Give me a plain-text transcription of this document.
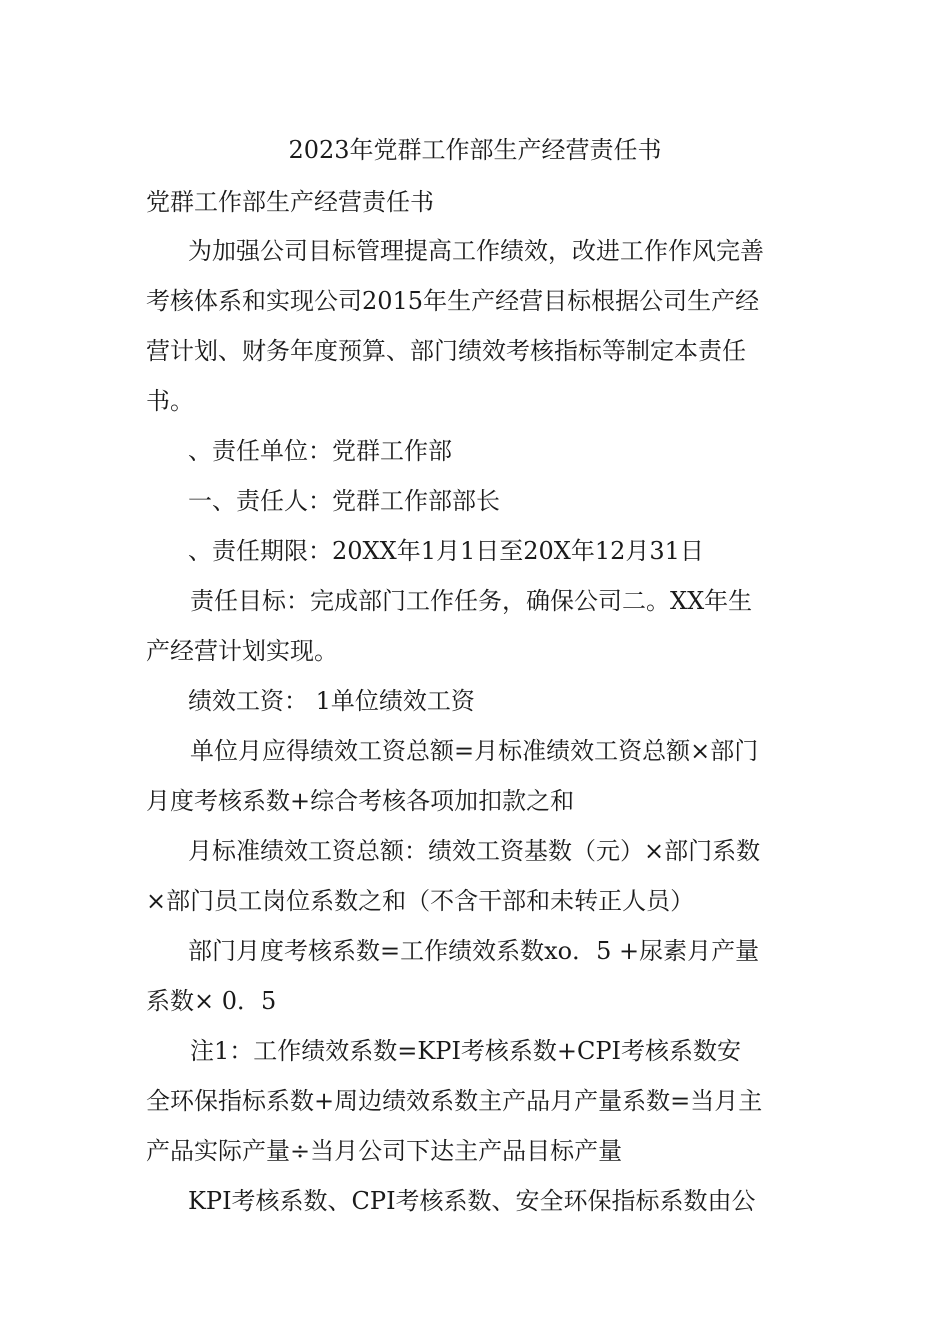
2023年党群工作部生产经营责任书
党群工作部生产经营责任书
为加强公司目标管理提高工作绩效，改进工作作风完善
考核体系和实现公司2015年生产经营目标根据公司生产经
营计划、财务年度预算、部门绩效考核指标等制定本责任
书。
、责任单位：党群工作部
一、责任人：党群工作部部长
、责任期限：20XX年1月1日至20X年12月31日
责任目标：完成部门工作任务，确保公司二。XX年生
产经营计划实现。
绩效工资： 1单位绩效工资
单位月应得绩效工资总额=月标准绩效工资总额×部门
月度考核系数+综合考核各项加扣款之和
月标准绩效工资总额：绩效工资基数（元）×部门系数
×部门员工岗位系数之和（不含干部和未转正人员）
部门月度考核系数=工作绩效系数xo．5 +尿素月产量
系数× 0．5
注1：工作绩效系数=KPI考核系数+CPI考核系数安
全环保指标系数+周边绩效系数主产品月产量系数=当月主
产品实际产量÷当月公司下达主产品目标产量
KPI考核系数、CPI考核系数、安全环保指标系数由公
